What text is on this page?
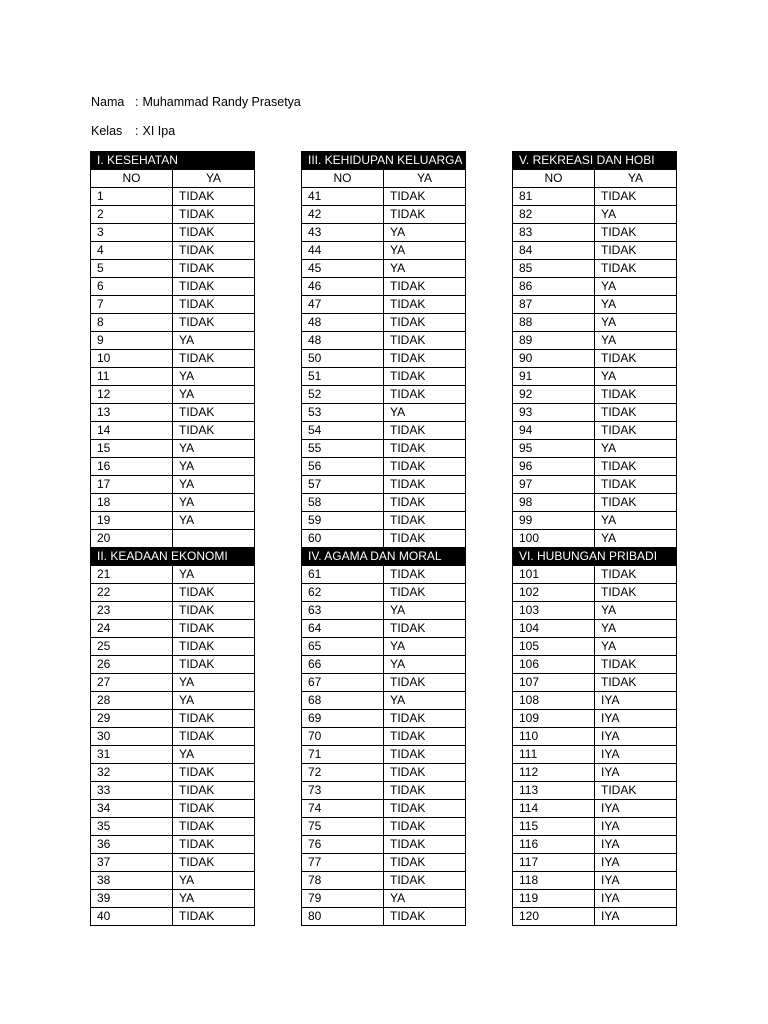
Nama : Muhammad Randy Prasetya
Kelas : XI Ipa
I. KESEHATAN	
NO	YA
1	TIDAK
2	TIDAK
3	TIDAK
4	TIDAK
5	TIDAK
6	TIDAK
7	TIDAK
8	TIDAK
9	YA
10	TIDAK
11	YA
12	YA
13	TIDAK
14	TIDAK
15	YA
16	YA
17	YA
18	YA
19	YA
20	
II. KEADAAN EKONOMI	
21	YA
22	TIDAK
23	TIDAK
24	TIDAK
25	TIDAK
26	TIDAK
27	YA
28	YA
29	TIDAK
30	TIDAK
31	YA
32	TIDAK
33	TIDAK
34	TIDAK
35	TIDAK
36	TIDAK
37	TIDAK
38	YA
39	YA
40	TIDAK
III. KEHIDUPAN KELUARGA	
NO	YA
41	TIDAK
42	TIDAK
43	YA
44	YA
45	YA
46	TIDAK
47	TIDAK
48	TIDAK
48	TIDAK
50	TIDAK
51	TIDAK
52	TIDAK
53	YA
54	TIDAK
55	TIDAK
56	TIDAK
57	TIDAK
58	TIDAK
59	TIDAK
60	TIDAK
IV. AGAMA DAN MORAL	
61	TIDAK
62	TIDAK
63	YA
64	TIDAK
65	YA
66	YA
67	TIDAK
68	YA
69	TIDAK
70	TIDAK
71	TIDAK
72	TIDAK
73	TIDAK
74	TIDAK
75	TIDAK
76	TIDAK
77	TIDAK
78	TIDAK
79	YA
80	TIDAK
V. REKREASI DAN HOBI	
NO	YA
81	TIDAK
82	YA
83	TIDAK
84	TIDAK
85	TIDAK
86	YA
87	YA
88	YA
89	YA
90	TIDAK
91	YA
92	TIDAK
93	TIDAK
94	TIDAK
95	YA
96	TIDAK
97	TIDAK
98	TIDAK
99	YA
100	YA
VI. HUBUNGAN PRIBADI	
101	TIDAK
102	TIDAK
103	YA
104	YA
105	YA
106	TIDAK
107	TIDAK
108	IYA
109	IYA
110	IYA
111	IYA
112	IYA
113	TIDAK
114	IYA
115	IYA
116	IYA
117	IYA
118	IYA
119	IYA
120	IYA
